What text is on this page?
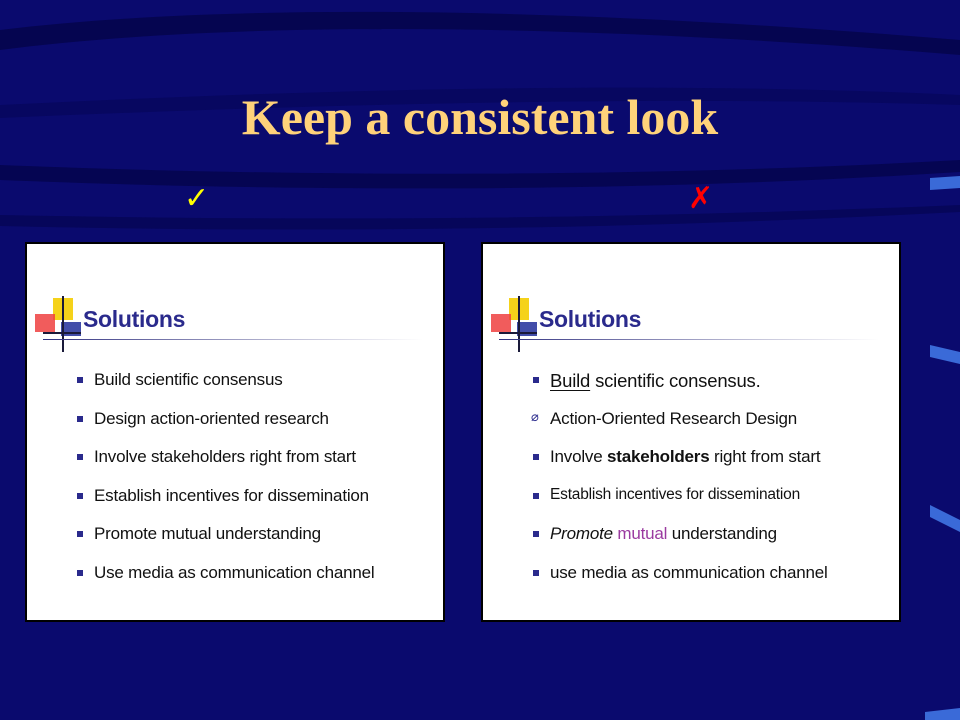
Keep a consistent look
✓	✗
Solutions
Build scientific consensus
Design action-oriented research
Involve stakeholders right from start
Establish incentives for dissemination
Promote mutual understanding
Use media as communication channel
Solutions
Build scientific consensus.
⌀ Action-Oriented Research Design
Involve stakeholders right from start
Establish incentives for dissemination
Promote mutual understanding
use media as communication channel
